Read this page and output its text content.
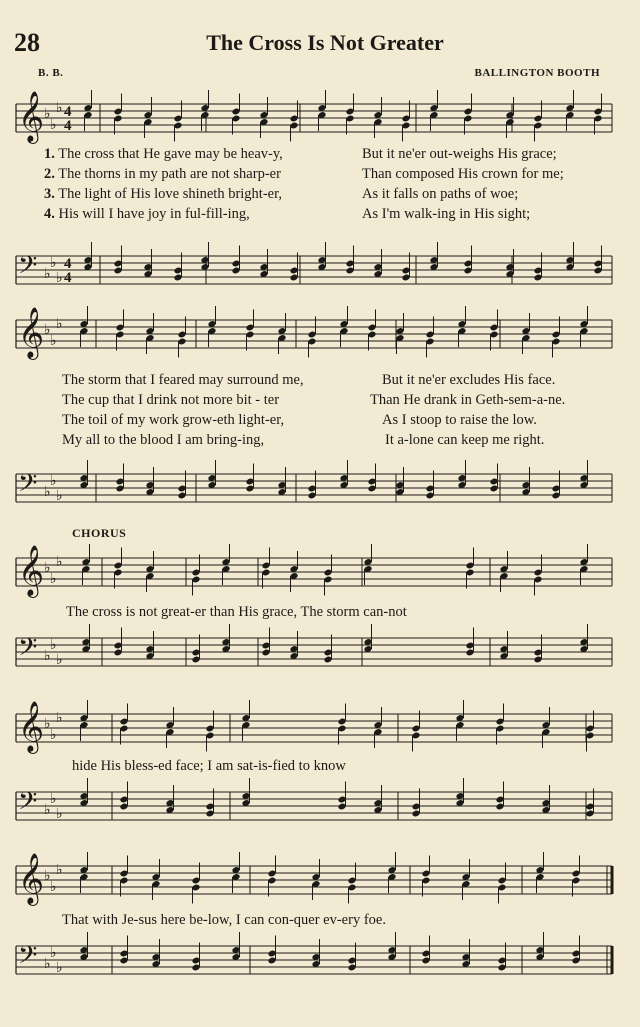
28	The Cross Is Not Greater
B. B.	BALLINGTON BOOTH
𝄞 ♭
♭
♭ 4
4
1. The cross that He gave may be heav-y,	But it ne'er out-weighs His grace;
2. The thorns in my path are not sharp-er	Than composed His crown for me;
3. The light of His love shineth bright-er,	As it falls on paths of woe;
4. His will I have joy in ful-fill-ing,	As I'm walk-ing in His sight;
𝄢 ♭
♭
♭
4
4
𝄞 ♭
♭
♭
The storm that I feared may surround me,	But it ne'er excludes His face.
The cup that I drink not more bit - ter	Than He drank in Geth-sem-a-ne.
The toil of my work grow-eth light-er,	As I stoop to raise the low.
My all to the blood I am bring-ing,	It a-lone can keep me right.
𝄢 ♭
♭
♭
CHORUS
𝄞 ♭
♭
♭
The cross is not great-er than His grace, The storm can-not
𝄢 ♭
♭
♭
𝄞 ♭
♭
♭
hide His bless-ed face; I am sat-is-fied to know
𝄢 ♭
♭
♭
𝄞 ♭
♭
♭
That with Je-sus here be-low, I can con-quer ev-ery foe.
𝄢 ♭
♭
♭
